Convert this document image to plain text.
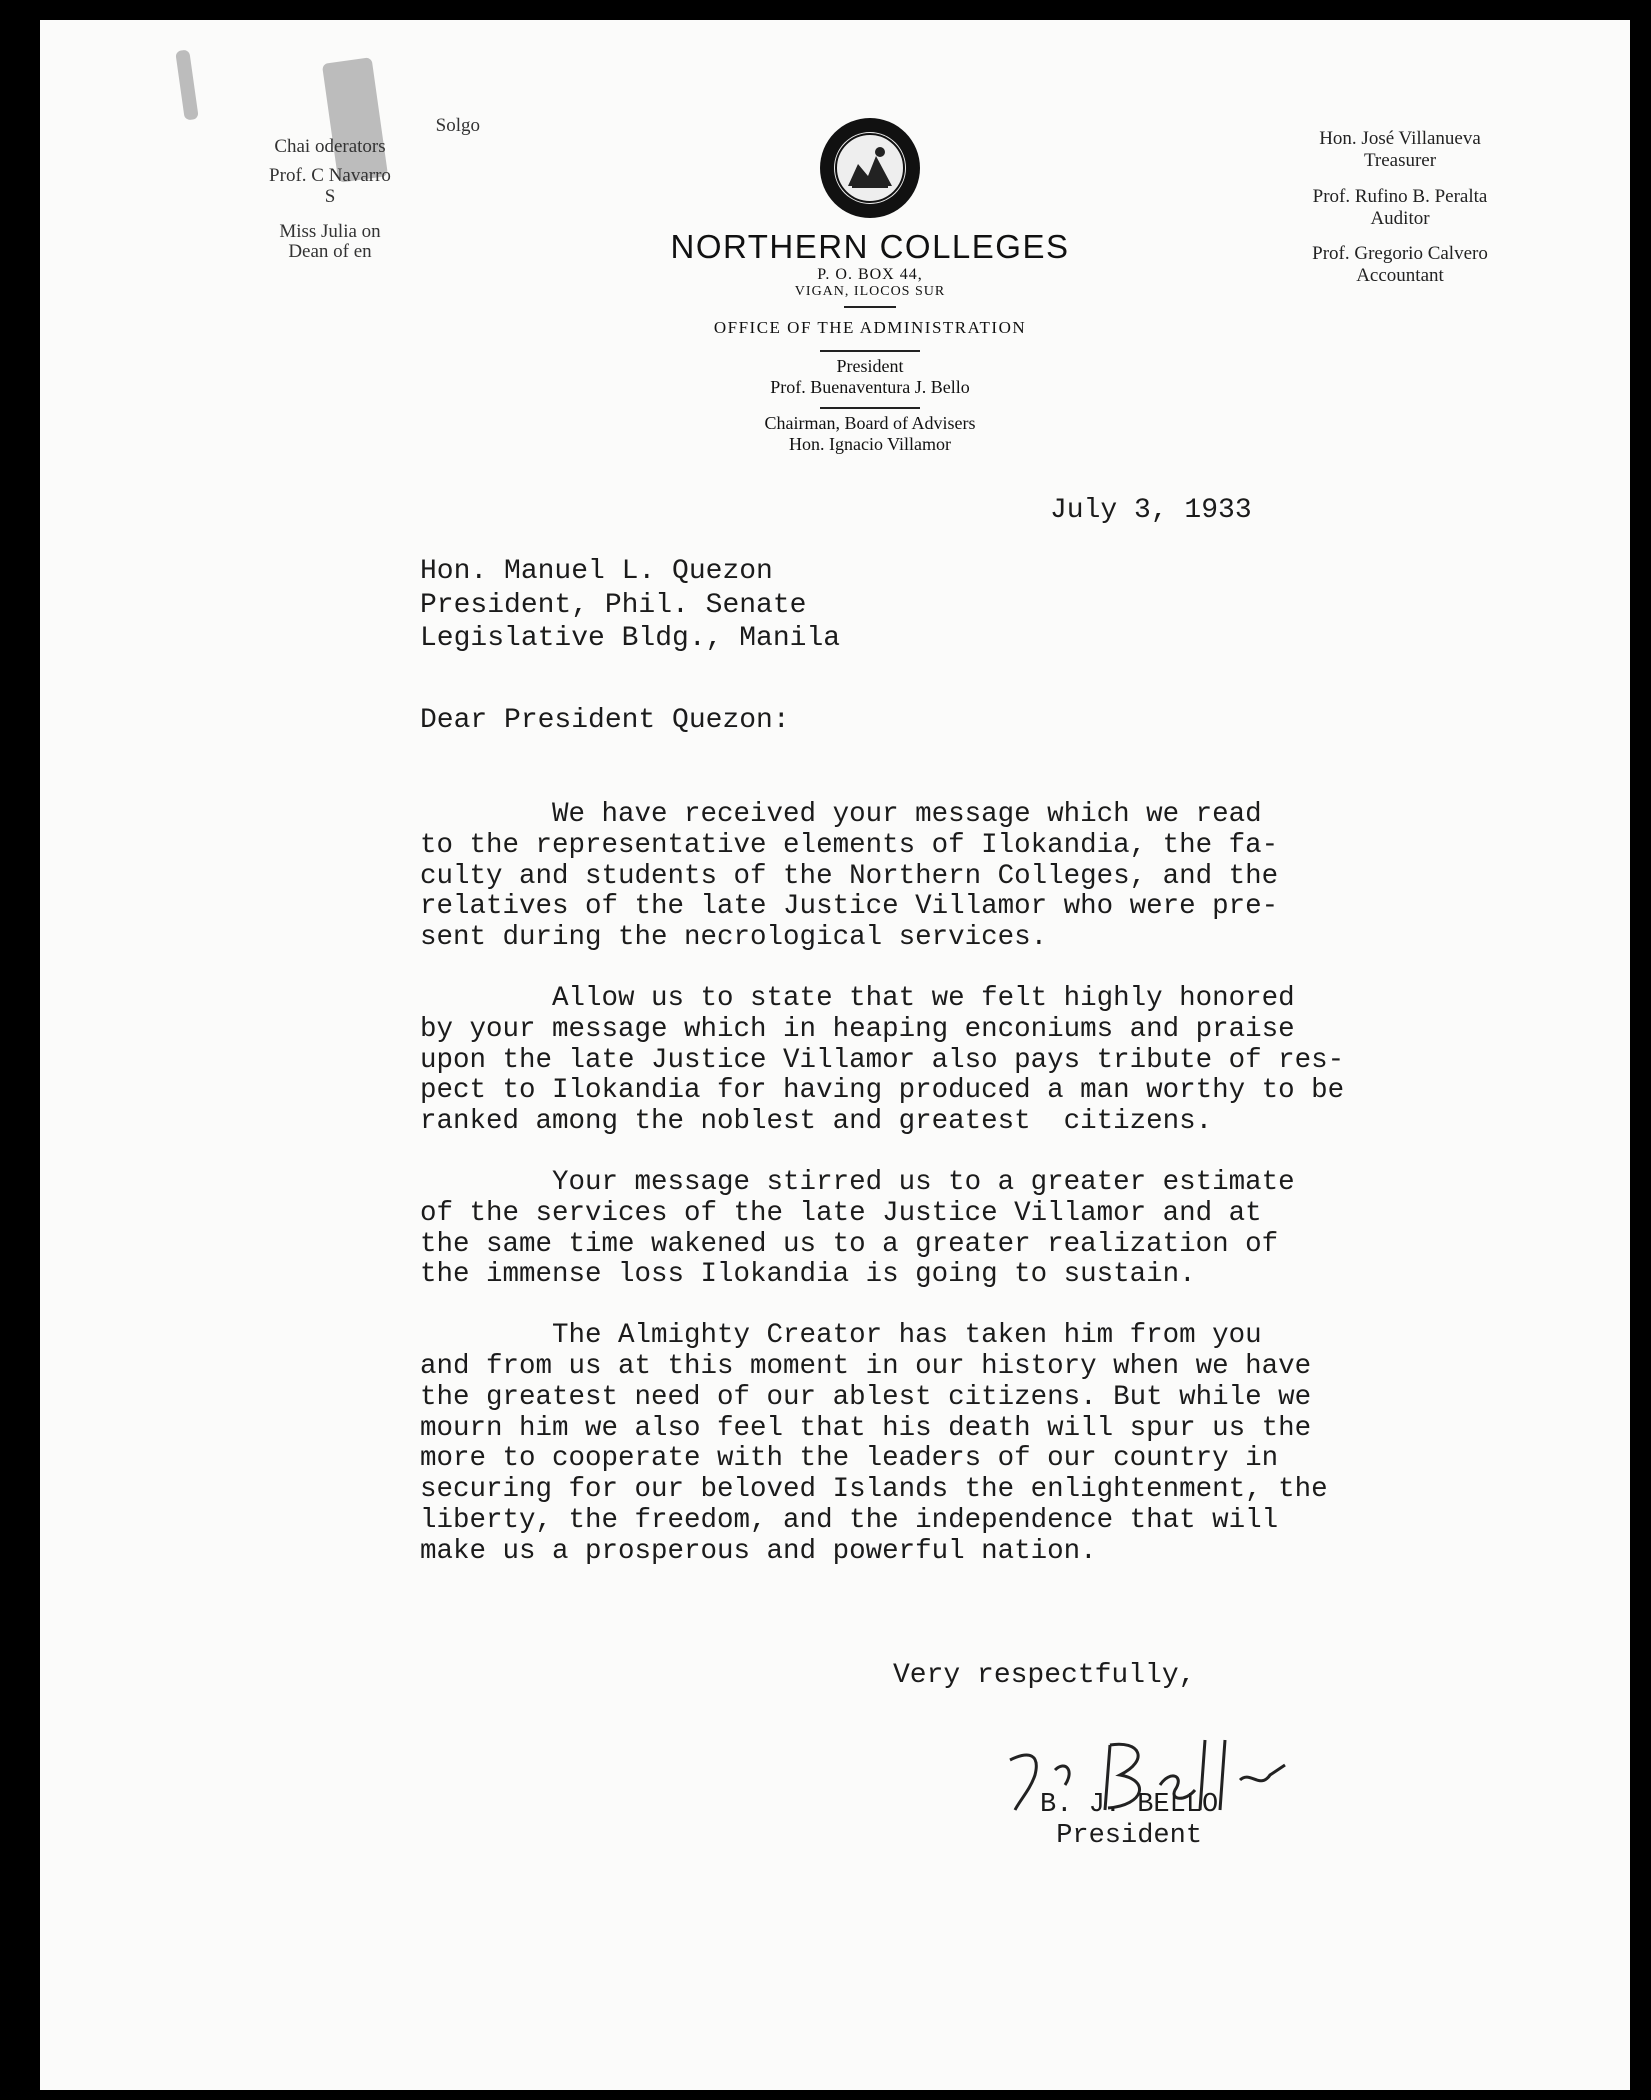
Solgo
Chai oderators
Prof. C Navarro
S
Miss Julia on
Dean of en	NORTHERN COLLEGES
P. O. BOX 44,
VIGAN, ILOCOS SUR
OFFICE OF THE ADMINISTRATION
President
Prof. Buenaventura J. Bello
Chairman, Board of Advisers
Hon. Ignacio Villamor
Hon. José Villanueva
Treasurer
Prof. Rufino B. Peralta
Auditor
Prof. Gregorio Calvero
Accountant
July 3, 1933
Hon. Manuel L. Quezon
President, Phil. Senate
Legislative Bldg., Manila
Dear President Quezon:
We have received your message which we read
to the representative elements of Ilokandia, the fa-
culty and students of the Northern Colleges, and the
relatives of the late Justice Villamor who were pre-
sent during the necrological services.
Allow us to state that we felt highly honored
by your message which in heaping enconiums and praise
upon the late Justice Villamor also pays tribute of res-
pect to Ilokandia for having produced a man worthy to be
ranked among the noblest and greatest  citizens.
Your message stirred us to a greater estimate
of the services of the late Justice Villamor and at
the same time wakened us to a greater realization of
the immense loss Ilokandia is going to sustain.
The Almighty Creator has taken him from you
and from us at this moment in our history when we have
the greatest need of our ablest citizens. But while we
mourn him we also feel that his death will spur us the
more to cooperate with the leaders of our country in
securing for our beloved Islands the enlightenment, the
liberty, the freedom, and the independence that will
make us a prosperous and powerful nation.
Very respectfully,
B. J. BELLO
President
